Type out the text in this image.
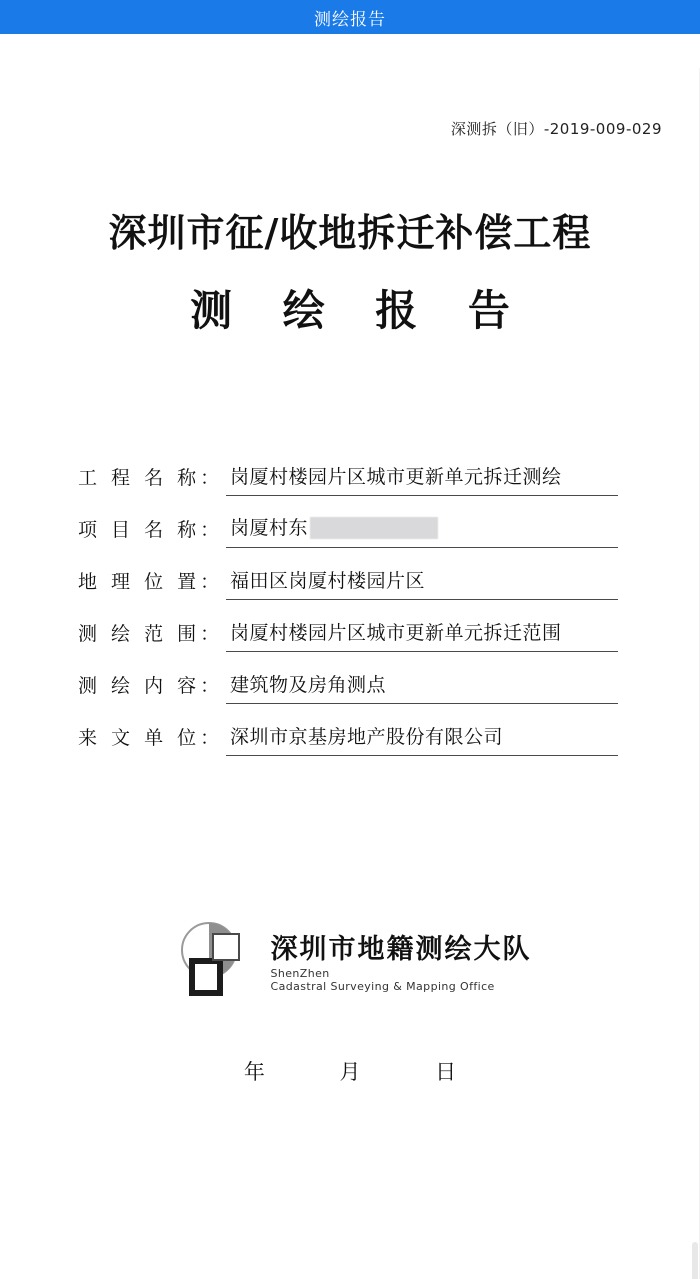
测绘报告
深测拆（旧）-2019-009-029
深圳市征/收地拆迁补偿工程
测 绘 报 告
工 程 名 称： 岗厦村楼园片区城市更新单元拆迁测绘
项 目 名 称： 岗厦村东
地 理 位 置： 福田区岗厦村楼园片区
测 绘 范 围： 岗厦村楼园片区城市更新单元拆迁范围
测 绘 内 容： 建筑物及房角测点
来 文 单 位： 深圳市京基房地产股份有限公司
深圳市地籍测绘大队
ShenZhen
Cadastral Surveying & Mapping Office
年 月 日
